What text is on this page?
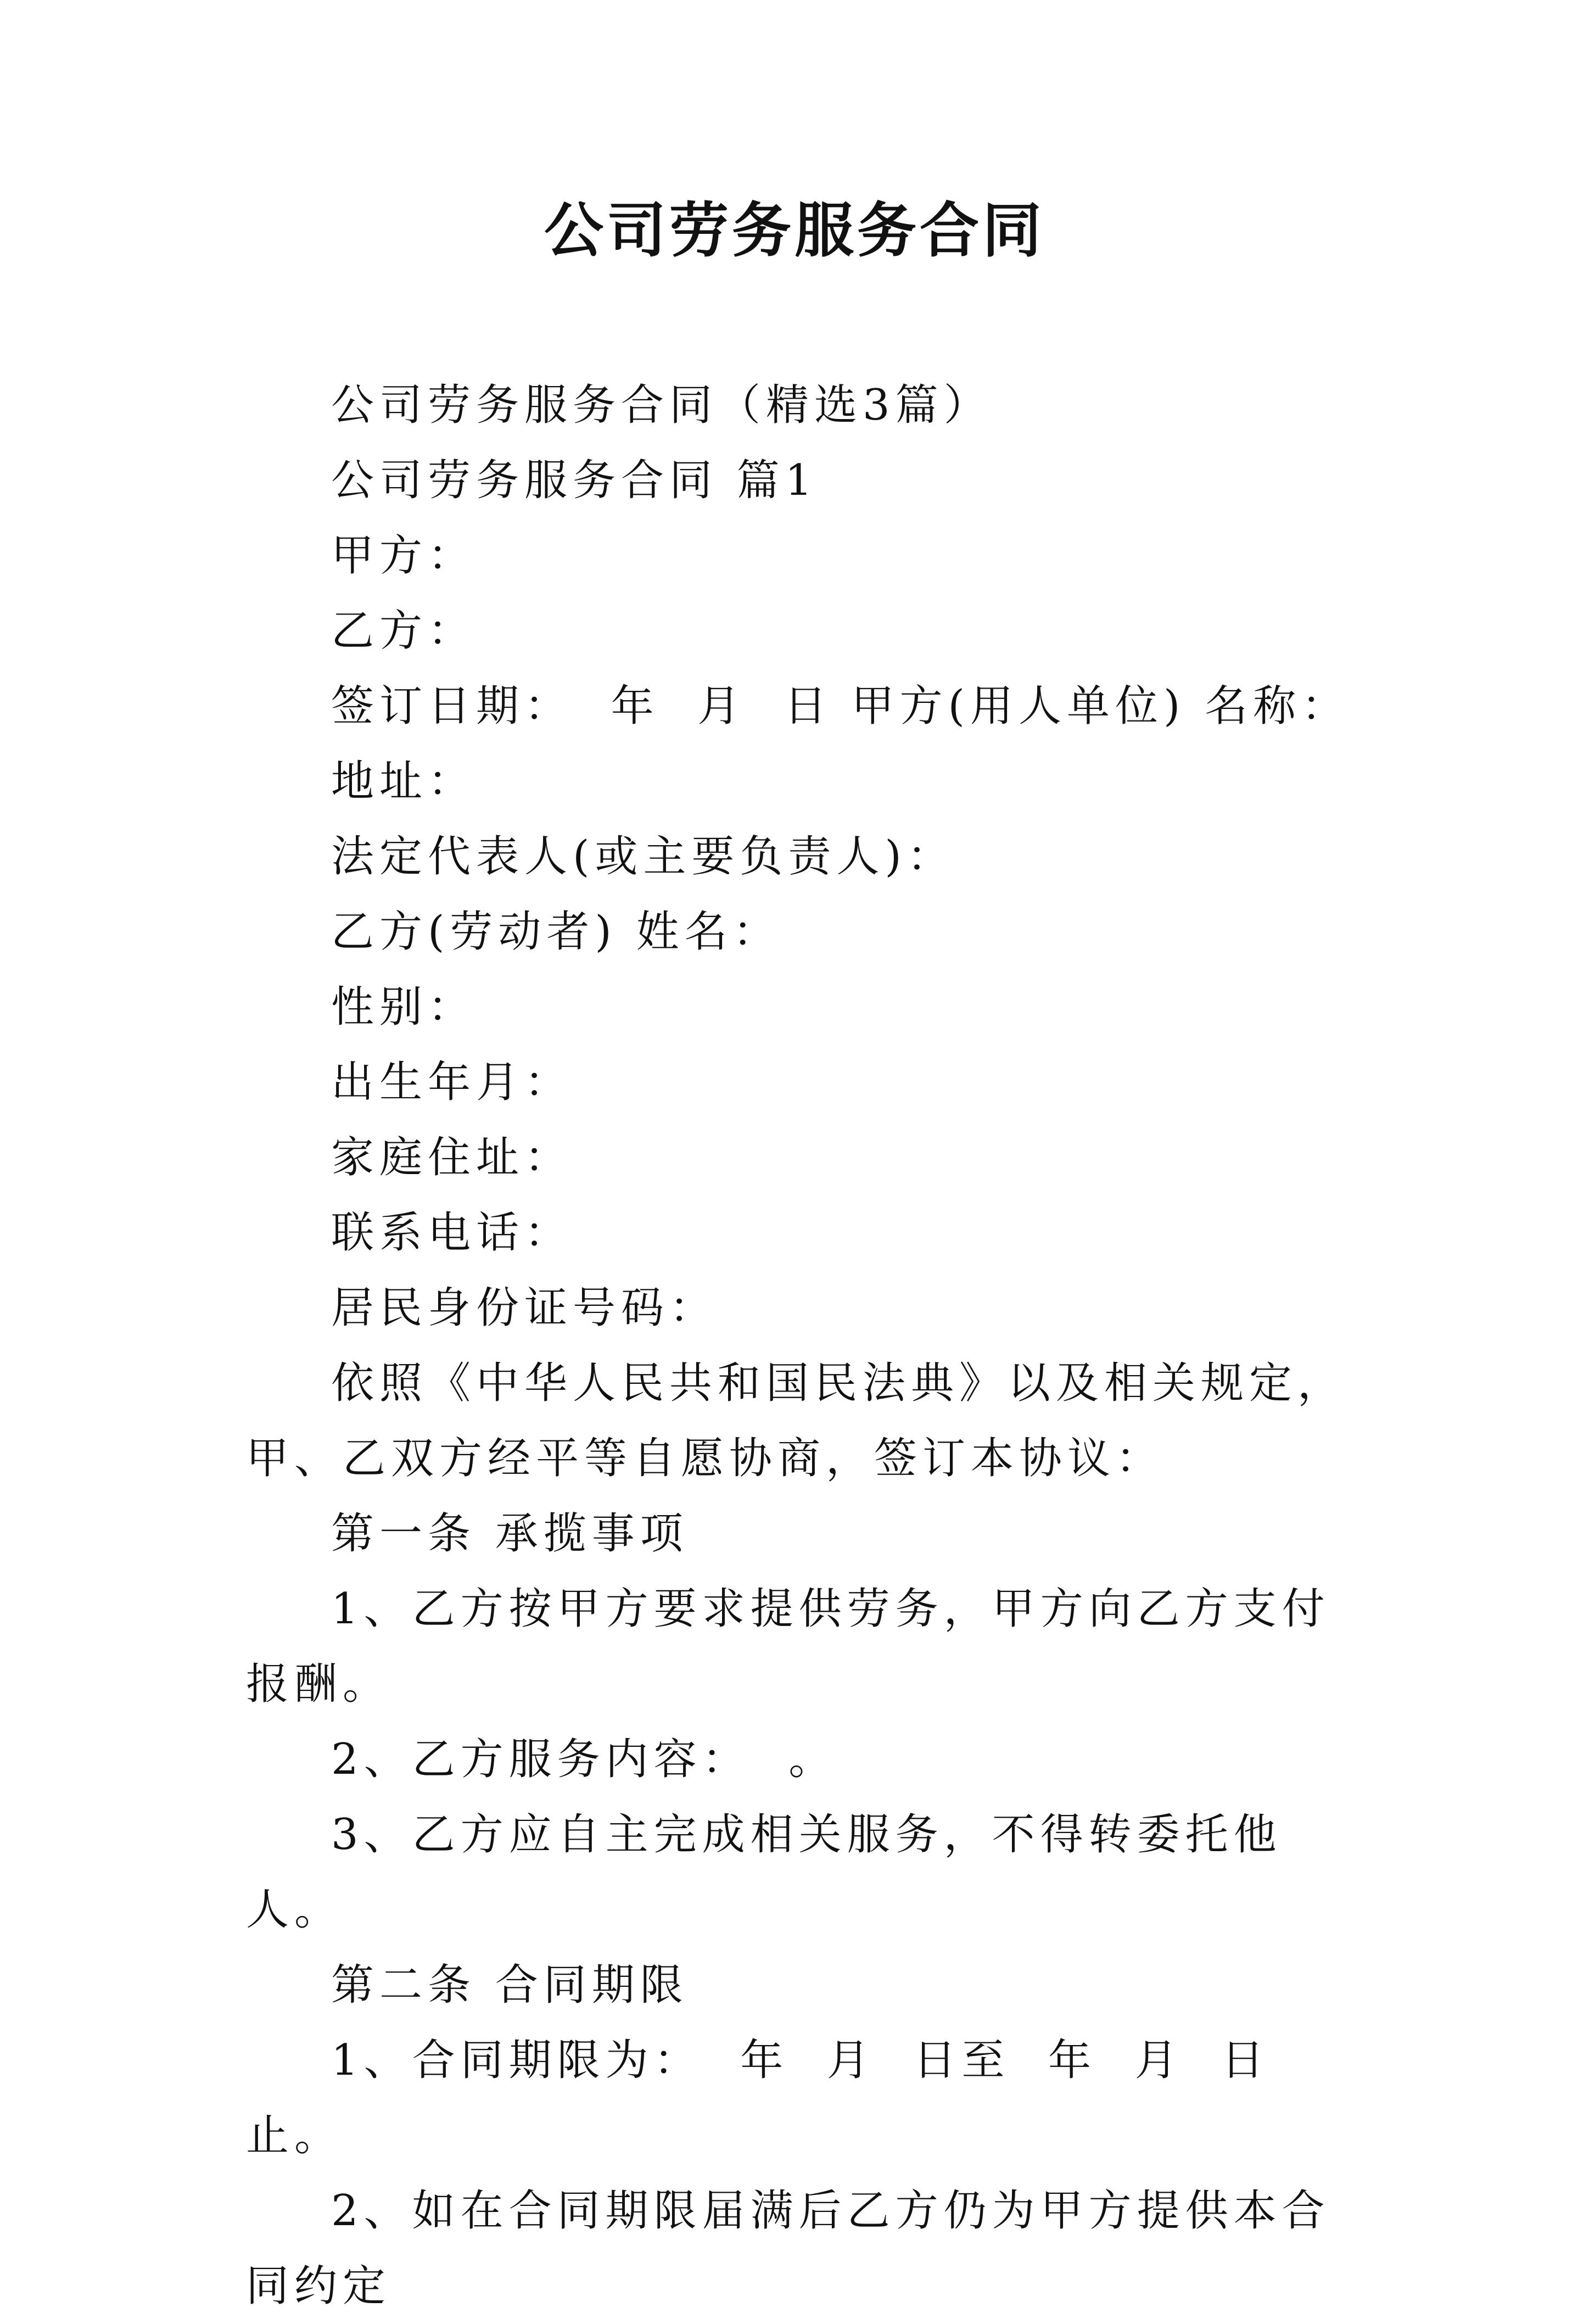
公司劳务服务合同

公司劳务服务合同（精选3篇）

公司劳务服务合同 篇1

甲方：

乙方：

签订日期：  年  月  日 甲方(用人单位) 名称：

地址：

法定代表人(或主要负责人)：

乙方(劳动者) 姓名：

性别：

出生年月：

家庭住址：

联系电话：

居民身份证号码：

依照《中华人民共和国民法典》以及相关规定，甲、乙双方经平等自愿协商，签订本协议：

第一条 承揽事项

1、乙方按甲方要求提供劳务，甲方向乙方支付报酬。

2、乙方服务内容：  。

3、乙方应自主完成相关服务，不得转委托他人。

第二条 合同期限

1、合同期限为：  年  月  日至  年  月  日止。

2、如在合同期限届满后乙方仍为甲方提供本合同约定
